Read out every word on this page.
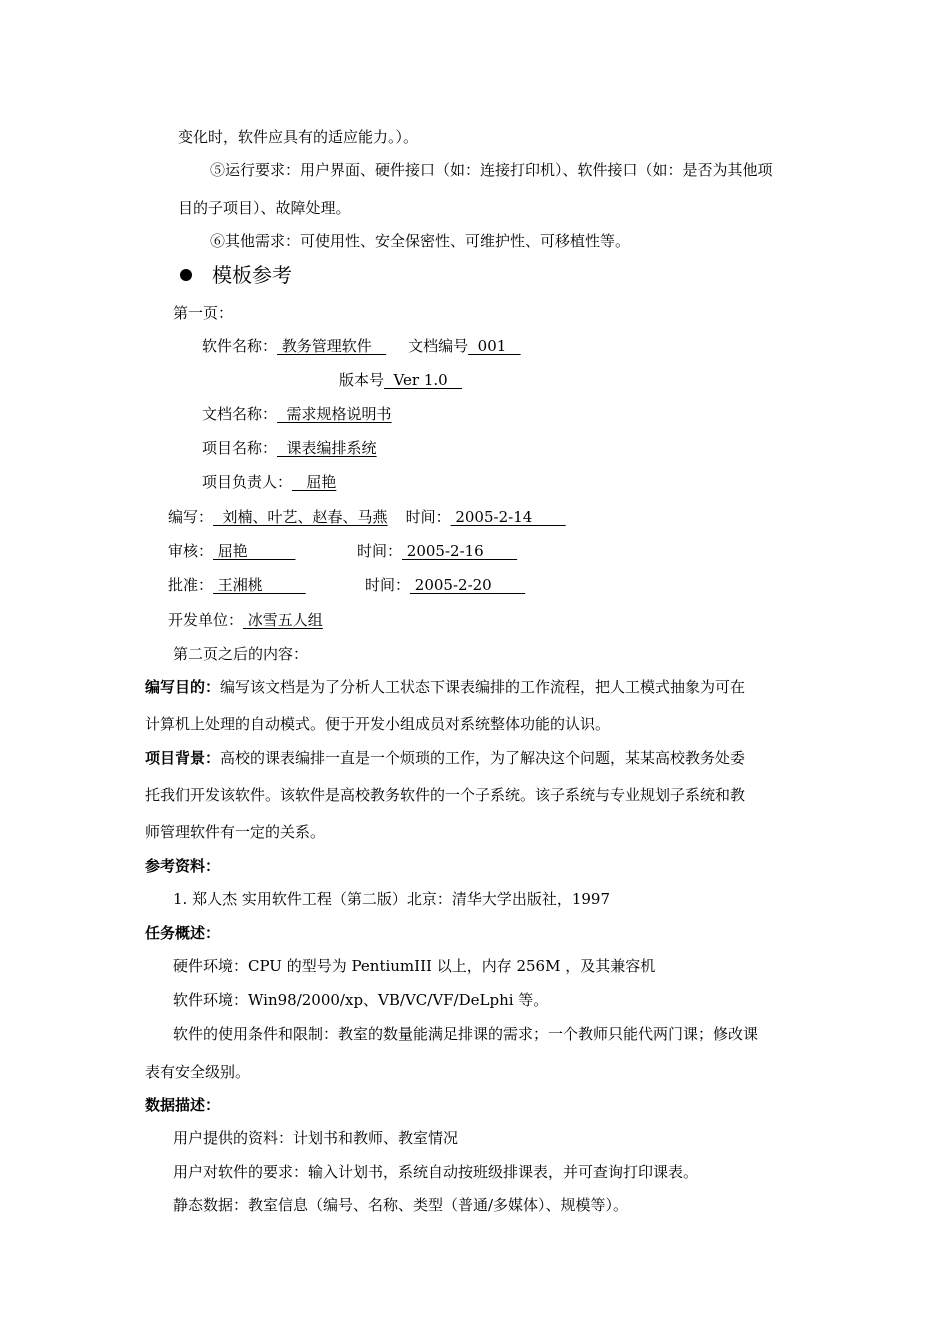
变化时，软件应具有的适应能力。）。
⑤运行要求：用户界面、硬件接口（如：连接打印机）、软件接口（如：是否为其他项
目的子项目）、故障处理。
⑥其他需求：可使用性、安全保密性、可维护性、可移植性等。
模板参考
第一页：
软件名称： 教务管理软件   文档编号  001
版本号  Ver 1.0
文档名称：  需求规格说明书
项目名称：  课表编排系统
项目负责人：   屈艳
编写：  刘楠、叶艺、赵春、马燕 时间： 2005-2-14
审核： 屈艳	时间： 2005-2-16
批准： 王湘桃	时间： 2005-2-20
开发单位： 冰雪五人组
第二页之后的内容：
编写目的：编写该文档是为了分析人工状态下课表编排的工作流程，把人工模式抽象为可在
计算机上处理的自动模式。便于开发小组成员对系统整体功能的认识。
项目背景：高校的课表编排一直是一个烦琐的工作，为了解决这个问题，某某高校教务处委
托我们开发该软件。该软件是高校教务软件的一个子系统。该子系统与专业规划子系统和教
师管理软件有一定的关系。
参考资料：
1. 郑人杰 实用软件工程（第二版）北京：清华大学出版社，1997
任务概述：
硬件环境：CPU 的型号为 PentiumIII 以上，内存 256M ，及其兼容机
软件环境：Win98/2000/xp、VB/VC/VF/DeLphi 等。
软件的使用条件和限制：教室的数量能满足排课的需求；一个教师只能代两门课；修改课
表有安全级别。
数据描述：
用户提供的资料：计划书和教师、教室情况
用户对软件的要求：输入计划书，系统自动按班级排课表，并可查询打印课表。
静态数据：教室信息（编号、名称、类型（普通/多媒体）、规模等）。
